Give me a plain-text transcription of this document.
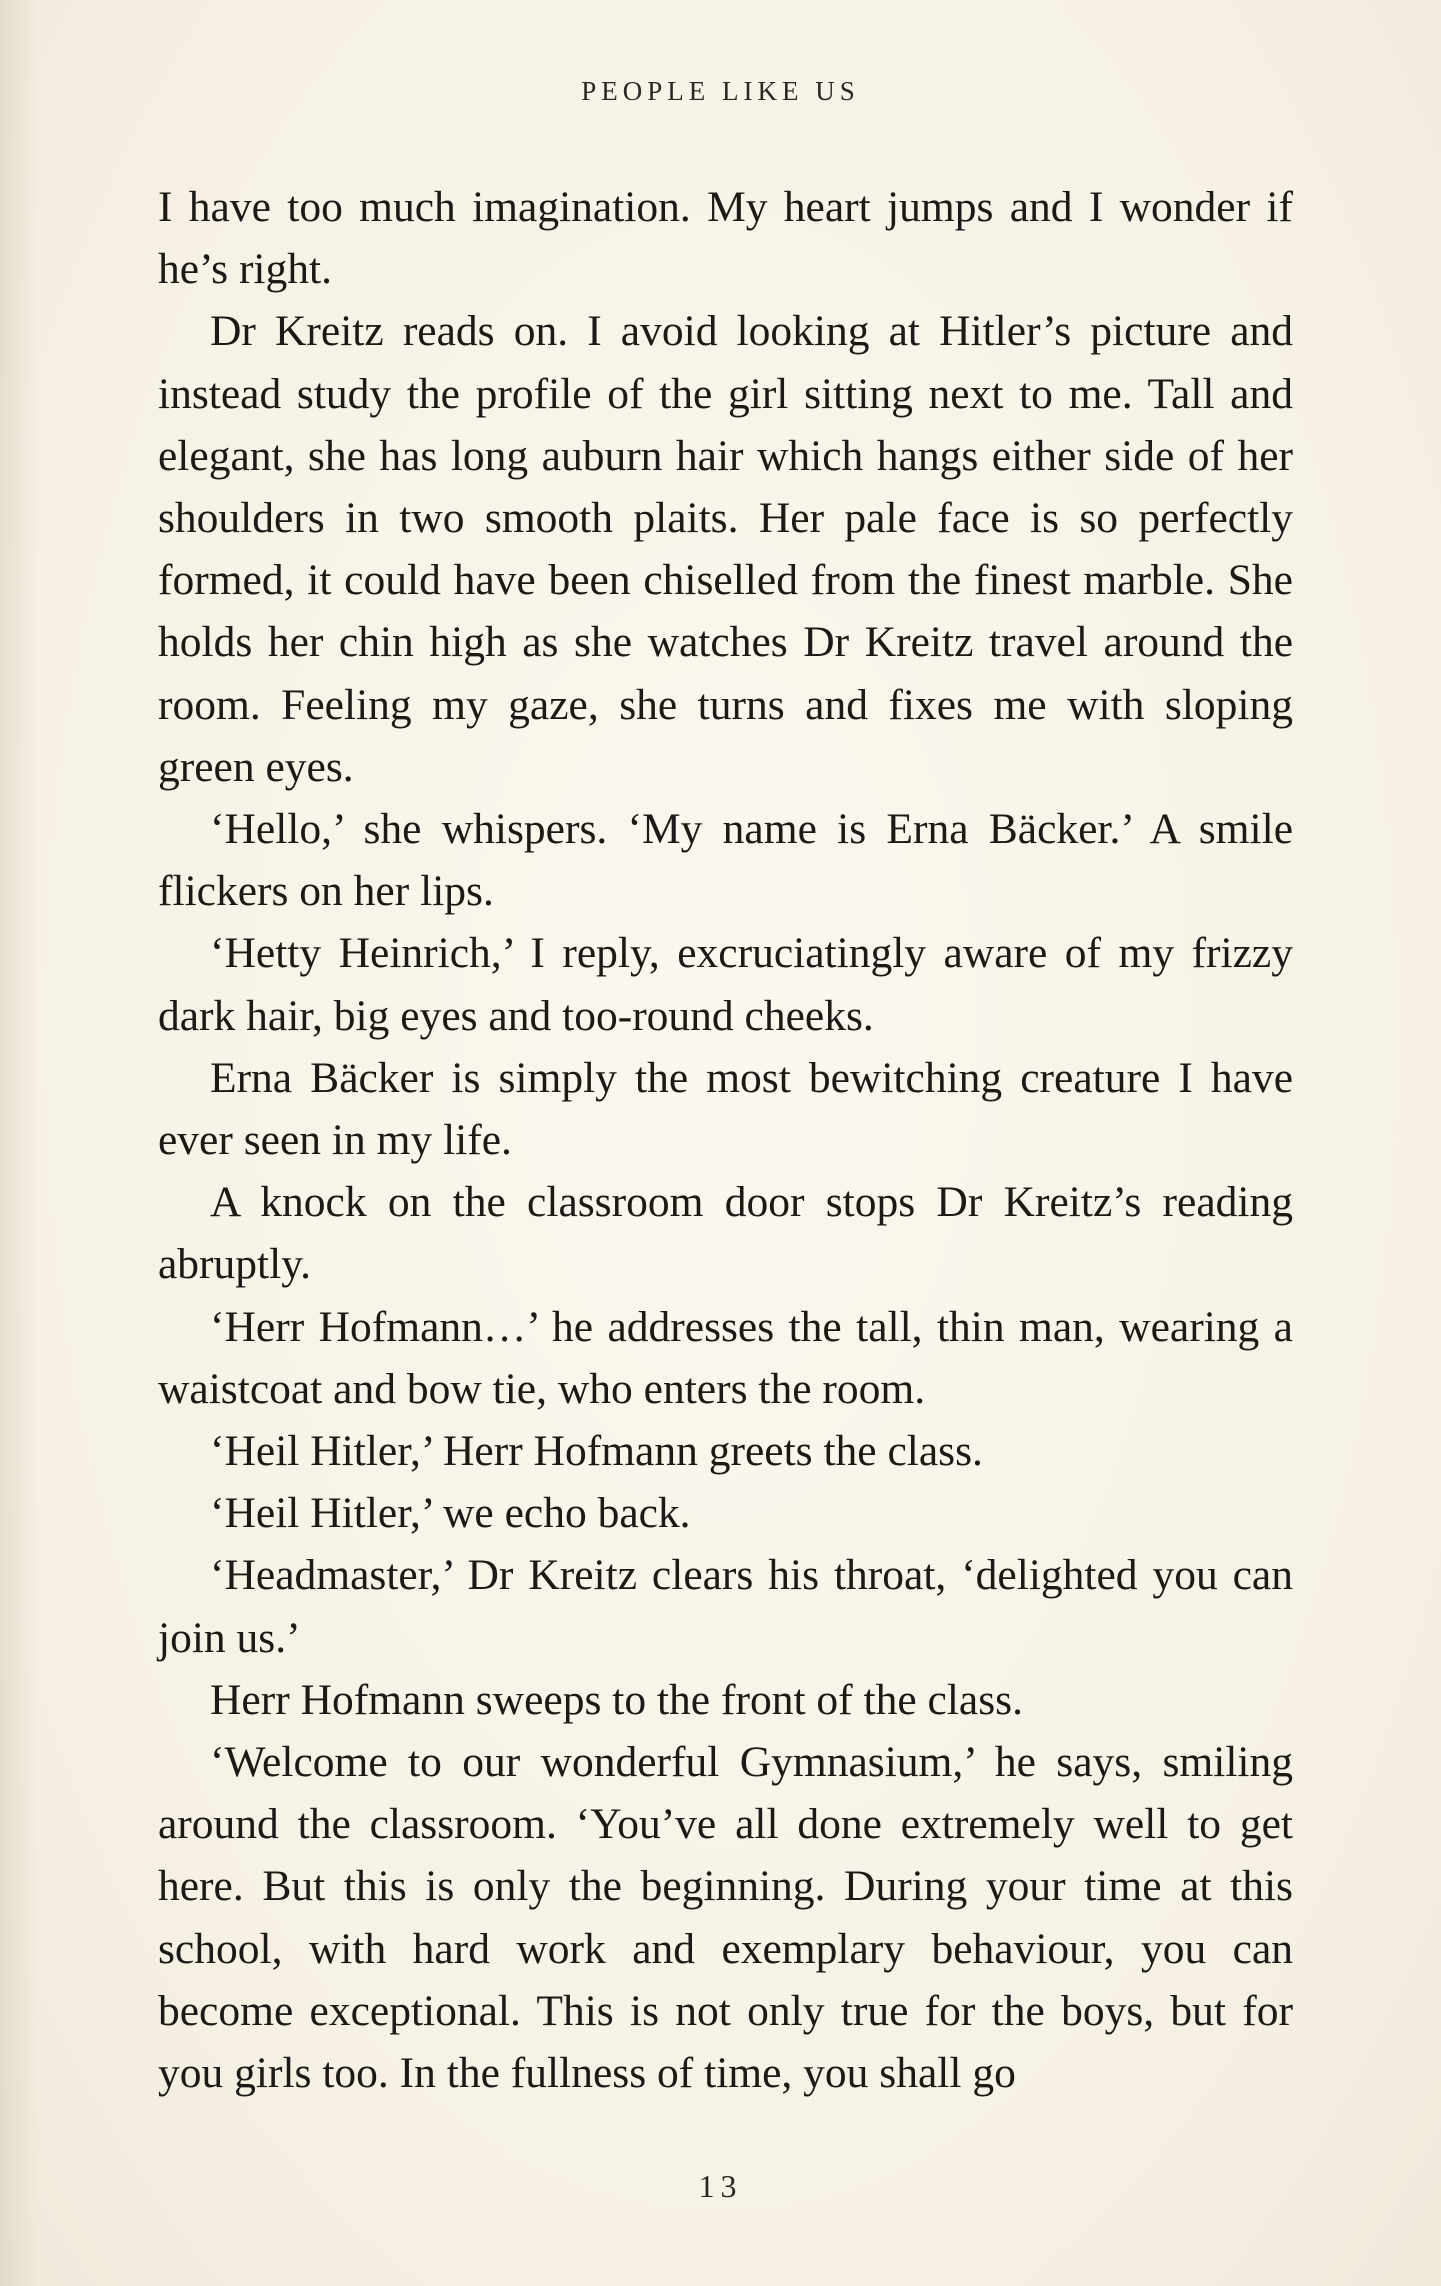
PEOPLE LIKE US

I have too much imagination. My heart jumps and I wonder if he’s right.

Dr Kreitz reads on. I avoid looking at Hitler’s picture and instead study the profile of the girl sitting next to me. Tall and elegant, she has long auburn hair which hangs either side of her shoulders in two smooth plaits. Her pale face is so perfectly formed, it could have been chiselled from the finest marble. She holds her chin high as she watches Dr Kreitz travel around the room. Feeling my gaze, she turns and fixes me with sloping green eyes.

‘Hello,’ she whispers. ‘My name is Erna Bäcker.’ A smile flickers on her lips.

‘Hetty Heinrich,’ I reply, excruciatingly aware of my frizzy dark hair, big eyes and too-round cheeks.

Erna Bäcker is simply the most bewitching creature I have ever seen in my life.

A knock on the classroom door stops Dr Kreitz’s reading abruptly.

‘Herr Hofmann…’ he addresses the tall, thin man, wearing a waistcoat and bow tie, who enters the room.

‘Heil Hitler,’ Herr Hofmann greets the class.

‘Heil Hitler,’ we echo back.

‘Headmaster,’ Dr Kreitz clears his throat, ‘delighted you can join us.’

Herr Hofmann sweeps to the front of the class.

‘Welcome to our wonderful Gymnasium,’ he says, smiling around the classroom. ‘You’ve all done extremely well to get here. But this is only the beginning. During your time at this school, with hard work and exemplary behaviour, you can become exceptional. This is not only true for the boys, but for you girls too. In the fullness of time, you shall go

13
